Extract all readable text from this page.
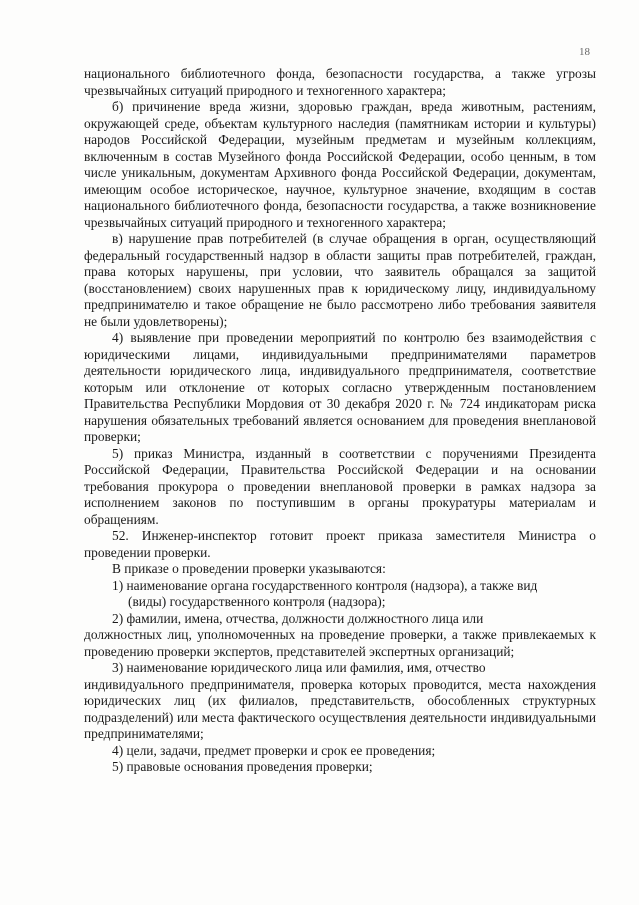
18

национального библиотечного фонда, безопасности государства, а также угрозы чрезвычайных ситуаций природного и техногенного характера;

б) причинение вреда жизни, здоровью граждан, вреда животным, растениям, окружающей среде, объектам культурного наследия (памятникам истории и культуры) народов Российской Федерации, музейным предметам и музейным коллекциям, включенным в состав Музейного фонда Российской Федерации, особо ценным, в том числе уникальным, документам Архивного фонда Российской Федерации, документам, имеющим особое историческое, научное, культурное значение, входящим в состав национального библиотечного фонда, безопасности государства, а также возникновение чрезвычайных ситуаций природного и техногенного характера;

в) нарушение прав потребителей (в случае обращения в орган, осуществляющий федеральный государственный надзор в области защиты прав потребителей, граждан, права которых нарушены, при условии, что заявитель обращался за защитой (восстановлением) своих нарушенных прав к юридическому лицу, индивидуальному предпринимателю и такое обращение не было рассмотрено либо требования заявителя не были удовлетворены);

4) выявление при проведении мероприятий по контролю без взаимодействия с юридическими лицами, индивидуальными предпринимателями параметров деятельности юридического лица, индивидуального предпринимателя, соответствие которым или отклонение от которых согласно утвержденным постановлением Правительства Республики Мордовия от 30 декабря 2020 г. № 724 индикаторам риска нарушения обязательных требований является основанием для проведения внеплановой проверки;

5) приказ Министра, изданный в соответствии с поручениями Президента Российской Федерации, Правительства Российской Федерации и на основании требования прокурора о проведении внеплановой проверки в рамках надзора за исполнением законов по поступившим в органы прокуратуры материалам и обращениям.

52. Инженер-инспектор готовит проект приказа заместителя Министра о проведении проверки.

В приказе о проведении проверки указываются:

1) наименование органа государственного контроля (надзора), а также вид
(виды) государственного контроля (надзора);
2) фамилии, имена, отчества, должности должностного лица или
должностных лиц, уполномоченных на проведение проверки, а также привлекаемых к проведению проверки экспертов, представителей экспертных организаций;
3) наименование юридического лица или фамилия, имя, отчество
индивидуального предпринимателя, проверка которых проводится, места нахождения юридических лиц (их филиалов, представительств, обособленных структурных подразделений) или места фактического осуществления деятельности индивидуальными предпринимателями;
4) цели, задачи, предмет проверки и срок ее проведения;
5) правовые основания проведения проверки;
